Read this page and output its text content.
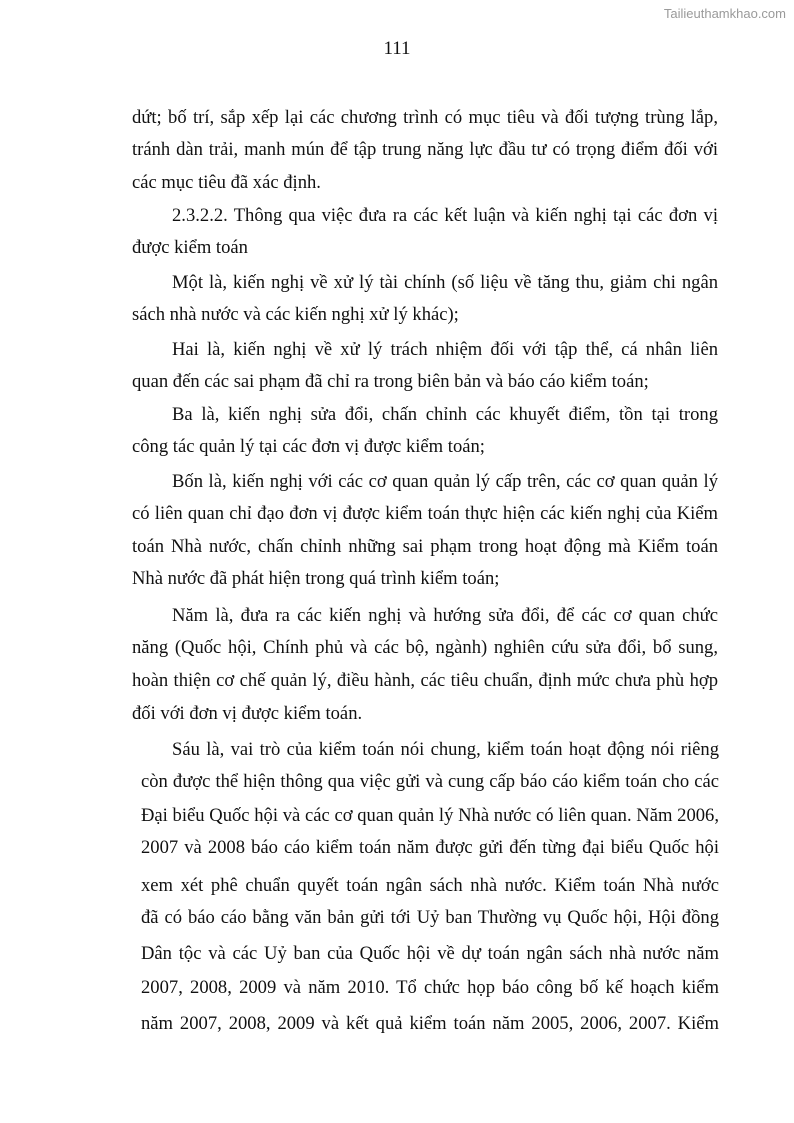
Tailieuthamkhao.com
111
dứt; bố trí, sắp xếp lại các chương trình có mục tiêu và đối tượng trùng lắp,
tránh dàn trải, manh mún để tập trung năng lực đầu tư có trọng điểm đối với
các mục tiêu đã xác định.
2.3.2.2. Thông qua việc đưa ra các kết luận và kiến nghị tại các đơn vị
được kiểm toán
Một là, kiến nghị về xử lý tài chính (số liệu về tăng thu, giảm chi ngân
sách nhà nước và các kiến nghị xử lý khác);
Hai là, kiến nghị về xử lý trách nhiệm đối với tập thể, cá nhân liên
quan đến các sai phạm đã chỉ ra trong biên bản và báo cáo kiểm toán;
Ba là, kiến nghị sửa đổi, chấn chỉnh các khuyết điểm, tồn tại trong
công tác quản lý tại các đơn vị được kiểm toán;
Bốn là, kiến nghị với các cơ quan quản lý cấp trên, các cơ quan quản lý
có liên quan chỉ đạo đơn vị được kiểm toán thực hiện các kiến nghị của Kiểm
toán Nhà nước, chấn chỉnh những sai phạm trong hoạt động mà Kiểm toán
Nhà nước đã phát hiện trong quá trình kiểm toán;
Năm là, đưa ra các kiến nghị và hướng sửa đổi, để các cơ quan chức
năng (Quốc hội, Chính phủ và các bộ, ngành) nghiên cứu sửa đổi, bổ sung,
hoàn thiện cơ chế quản lý, điều hành, các tiêu chuẩn, định mức chưa phù hợp
đối với đơn vị được kiểm toán.
Sáu là, vai trò của kiểm toán nói chung, kiểm toán hoạt động nói riêng
còn được thể hiện thông qua việc gửi và cung cấp báo cáo kiểm toán cho các
Đại biểu Quốc hội và các cơ quan quản lý Nhà nước có liên quan. Năm 2006,
2007 và 2008 báo cáo kiểm toán năm được gửi đến từng đại biểu Quốc hội
xem xét phê chuẩn quyết toán ngân sách nhà nước. Kiểm toán Nhà nước
đã có báo cáo bằng văn bản gửi tới Uỷ ban Thường vụ Quốc hội, Hội đồng
Dân tộc và các Uỷ ban của Quốc hội về dự toán ngân sách nhà nước năm
2007, 2008, 2009 và năm 2010. Tổ chức họp báo công bố kế hoạch kiểm
năm 2007, 2008, 2009 và kết quả kiểm toán năm 2005, 2006, 2007. Kiểm
